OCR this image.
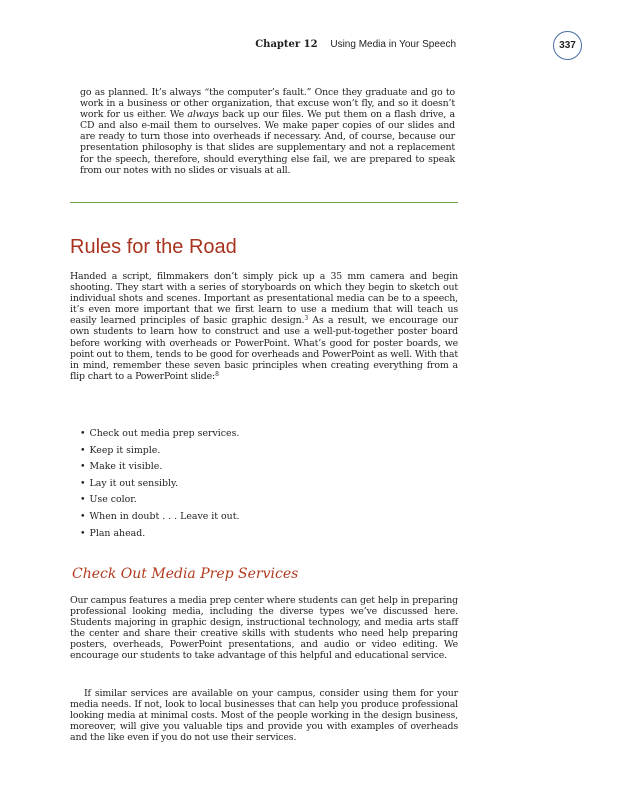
Chapter 12 Using Media in Your Speech	337
go as planned. It’s always “the computer’s fault.” Once they graduate and go to work in a business or other organization, that excuse won’t fly, and so it doesn’t work for us either. We always back up our files. We put them on a flash drive, a CD and also e-mail them to ourselves. We make paper copies of our slides and are ready to turn those into overheads if necessary. And, of course, because our presentation philosophy is that slides are supplementary and not a replacement for the speech, therefore, should everything else fail, we are prepared to speak from our notes with no slides or visuals at all.
Rules for the Road
Handed a script, filmmakers don’t simply pick up a 35 mm camera and begin shooting. They start with a series of storyboards on which they begin to sketch out individual shots and scenes. Important as presentational media can be to a speech, it’s even more important that we first learn to use a medium that will teach us easily learned principles of basic graphic design.$^3$ As a result, we encourage our own students to learn how to construct and use a well-put-together poster board before working with overheads or PowerPoint. What’s good for poster boards, we point out to them, tends to be good for overheads and PowerPoint as well. With that in mind, remember these seven basic principles when creating everything from a flip chart to a PowerPoint slide:$^8$
• Check out media prep services.
• Keep it simple.
• Make it visible.
• Lay it out sensibly.
• Use color.
• When in doubt . . . Leave it out.
• Plan ahead.
Check Out Media Prep Services
Our campus features a media prep center where students can get help in preparing professional looking media, including the diverse types we’ve discussed here. Students majoring in graphic design, instructional technology, and media arts staff the center and share their creative skills with students who need help preparing posters, overheads, PowerPoint presentations, and audio or video editing. We encourage our students to take advantage of this helpful and educational service.
If similar services are available on your campus, consider using them for your media needs. If not, look to local businesses that can help you produce professional looking media at minimal costs. Most of the people working in the design business, moreover, will give you valuable tips and provide you with examples of overheads and the like even if you do not use their services.
